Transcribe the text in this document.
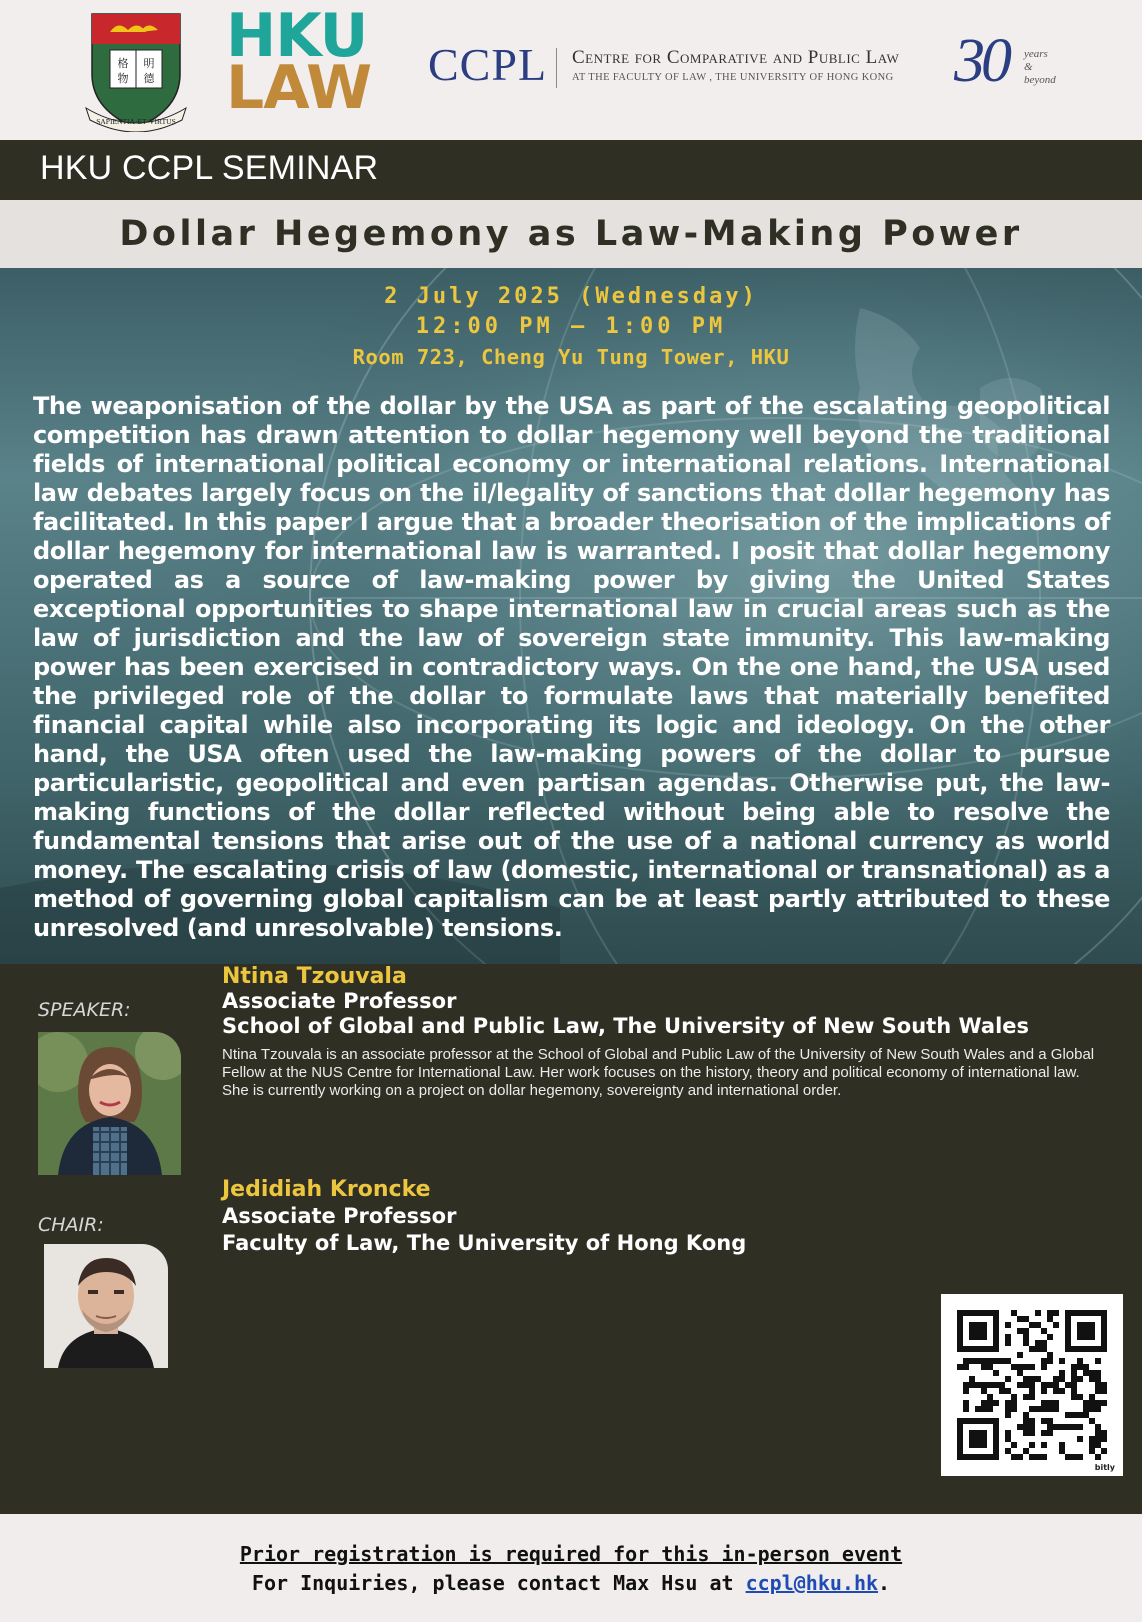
格
物
明
德
SAPIENTIA·ET·VIRTUS
HKU
LAW CCPL Centre for Comparative and Public Law
AT THE FACULTY OF LAW , THE UNIVERSITY OF HONG KONG 30 years
&
beyond
HKU CCPL SEMINAR
Dollar Hegemony as Law-Making Power
2 July 2025 (Wednesday)
12:00 PM – 1:00 PM
Room 723, Cheng Yu Tung Tower, HKU

The weaponisation of the dollar by the USA as part of the escalating geopolitical competition has drawn attention to dollar hegemony well beyond the traditional fields of international political economy or international relations. International law debates largely focus on the il/legality of sanctions that dollar hegemony has facilitated. In this paper I argue that a broader theorisation of the implications of dollar hegemony for international law is warranted. I posit that dollar hegemony operated as a source of law-making power by giving the United States exceptional opportunities to shape international law in crucial areas such as the law of jurisdiction and the law of sovereign state immunity. This law-making power has been exercised in contradictory ways. On the one hand, the USA used the privileged role of the dollar to formulate laws that materially benefited financial capital while also incorporating its logic and ideology. On the other hand, the USA often used the law-making powers of the dollar to pursue particularistic, geopolitical and even partisan agendas. Otherwise put, the law-making functions of the dollar reflected without being able to resolve the fundamental tensions that arise out of the use of a national currency as world money. The escalating crisis of law (domestic, international or transnational) as a method of governing global capitalism can be at least partly attributed to these unresolved (and unresolvable) tensions.

SPEAKER:
Ntina Tzouvala
Associate Professor
School of Global and Public Law, The University of New South Wales

Ntina Tzouvala is an associate professor at the School of Global and Public Law of the University of New South Wales and a Global Fellow at the NUS Centre for International Law. Her work focuses on the history, theory and political economy of international law. She is currently working on a project on dollar hegemony, sovereignty and international order.

CHAIR:
Jedidiah Kroncke
Associate Professor
Faculty of Law, The University of Hong Kong
bitly
Prior registration is required for this in-person event
For Inquiries, please contact Max Hsu at ccpl@hku.hk.
